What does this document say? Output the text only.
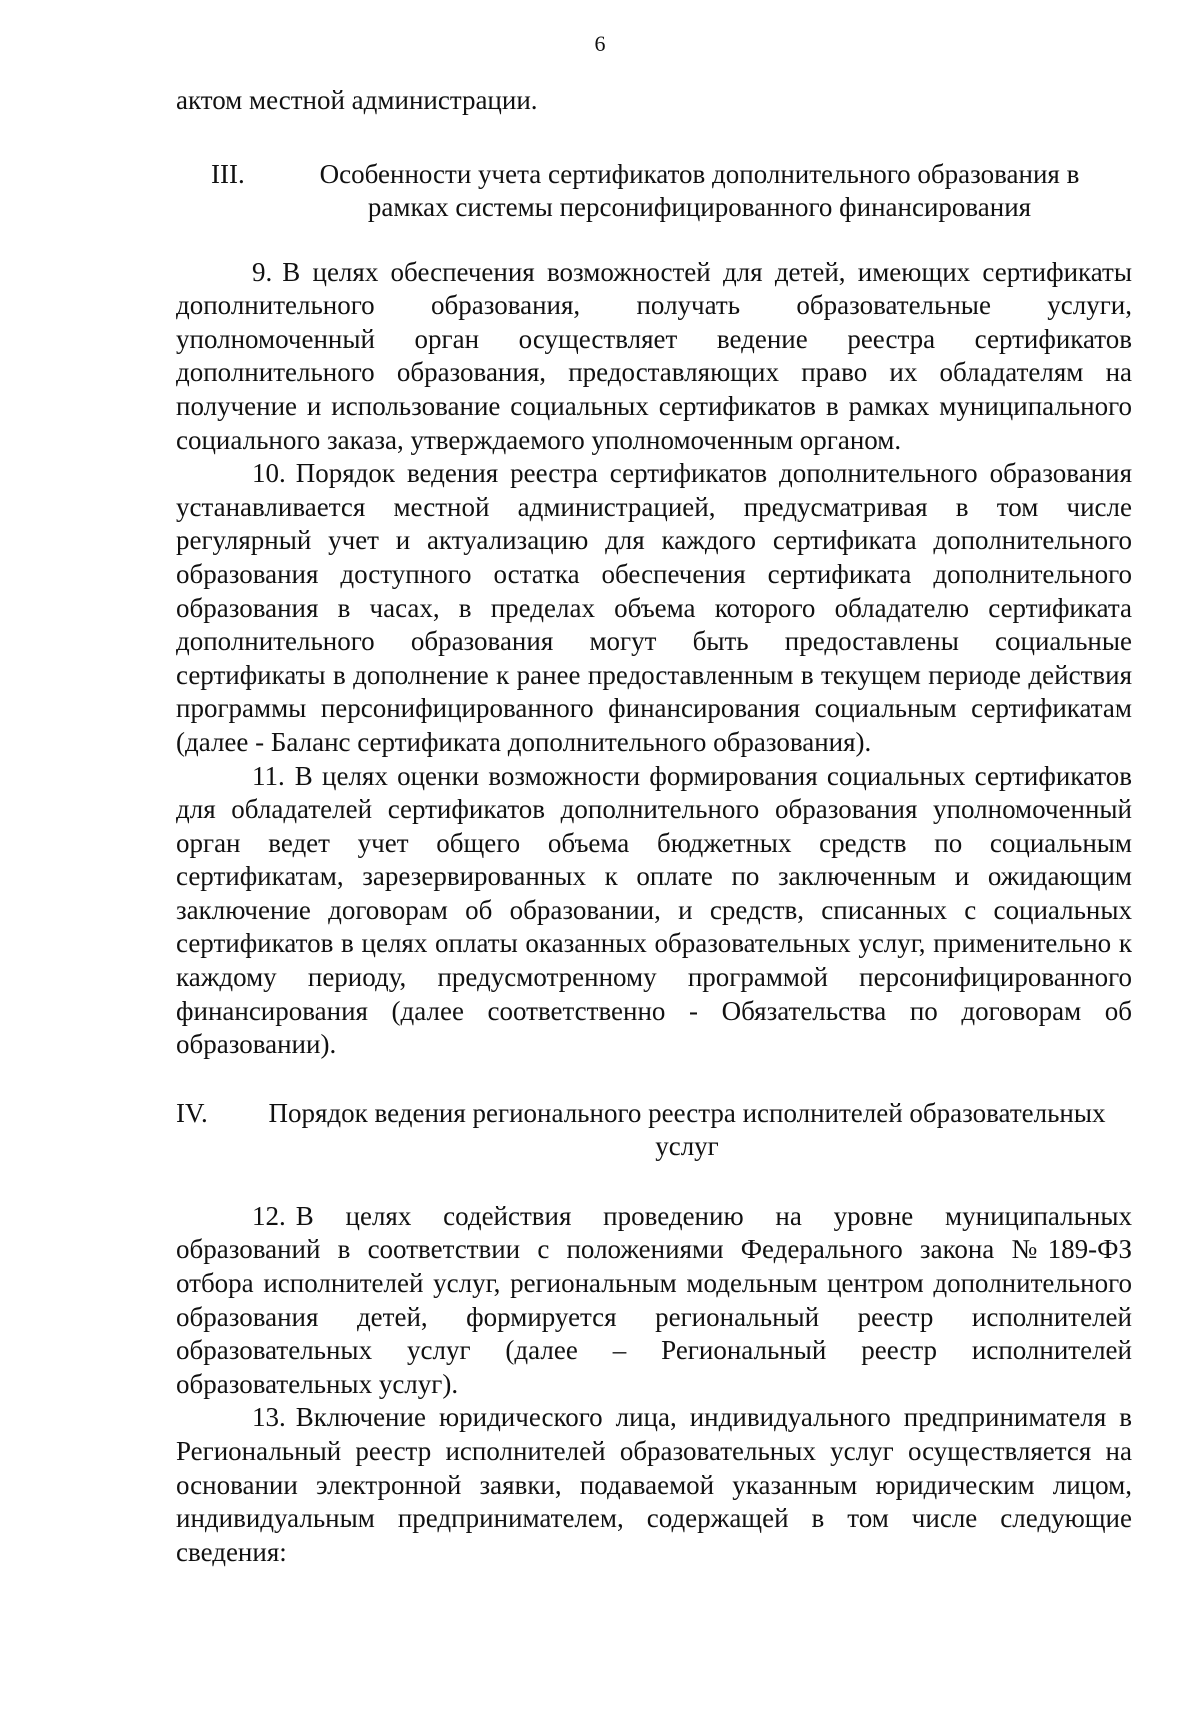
6

актом местной администрации.

III.	Особенности учета сертификатов дополнительного образования в рамках системы персонифицированного финансирования

9. В целях обеспечения возможностей для детей, имеющих сертификаты дополнительного образования, получать образовательные услуги, уполномоченный орган осуществляет ведение реестра сертификатов дополнительного образования, предоставляющих право их обладателям на получение и использование социальных сертификатов в рамках муниципального социального заказа, утверждаемого уполномоченным органом.

10. Порядок ведения реестра сертификатов дополнительного образования устанавливается местной администрацией, предусматривая в том числе регулярный учет и актуализацию для каждого сертификата дополнительного образования доступного остатка обеспечения сертификата дополнительного образования в часах, в пределах объема которого обладателю сертификата дополнительного образования могут быть предоставлены социальные сертификаты в дополнение к ранее предоставленным в текущем периоде действия программы персонифицированного финансирования социальным сертификатам (далее - Баланс сертификата дополнительного образования).

11. В целях оценки возможности формирования социальных сертификатов для обладателей сертификатов дополнительного образования уполномоченный орган ведет учет общего объема бюджетных средств по социальным сертификатам, зарезервированных к оплате по заключенным и ожидающим заключение договорам об образовании, и средств, списанных с социальных сертификатов в целях оплаты оказанных образовательных услуг, применительно к каждому периоду, предусмотренному программой персонифицированного финансирования (далее соответственно - Обязательства по договорам об образовании).

IV.	Порядок ведения регионального реестра исполнителей образовательных услуг

12. В целях содействия проведению на уровне муниципальных образований в соответствии с положениями Федерального закона №189-ФЗ отбора исполнителей услуг, региональным модельным центром дополнительного образования детей, формируется региональный реестр исполнителей образовательных услуг (далее – Региональный реестр исполнителей образовательных услуг).

13. Включение юридического лица, индивидуального предпринимателя в Региональный реестр исполнителей образовательных услуг осуществляется на основании электронной заявки, подаваемой указанным юридическим лицом, индивидуальным предпринимателем, содержащей в том числе следующие сведения:
